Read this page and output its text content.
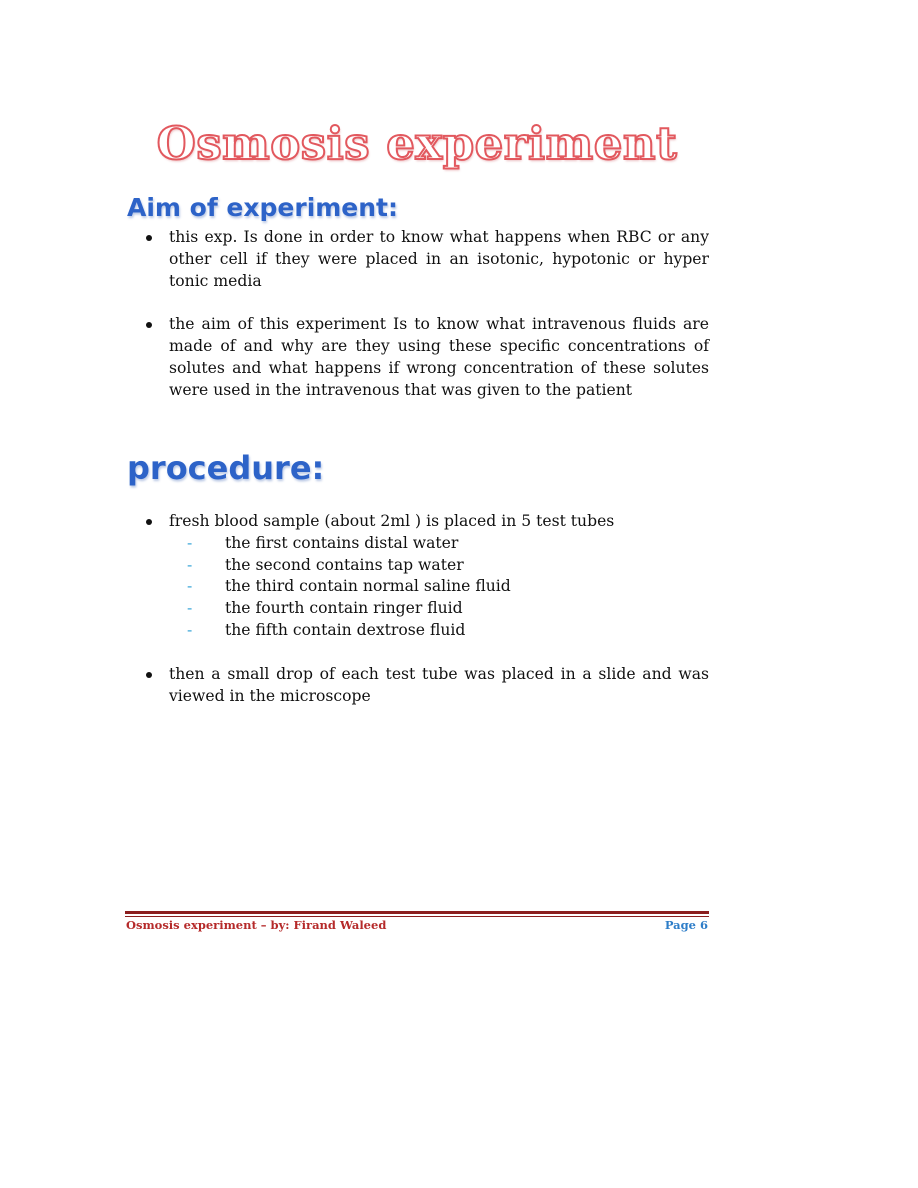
Osmosis experiment
Aim of experiment:
this exp. Is done in order to know what happens when RBC or any other cell if they were placed in an isotonic, hypotonic or hyper tonic media
the aim of this experiment Is to know what intravenous fluids are made of and why are they using these specific concentrations of solutes and what happens if wrong concentration of these solutes were used in the intravenous that was given to the patient
procedure:
fresh blood sample (about 2ml ) is placed in 5 test tubes
- the first contains distal water
- the second contains tap water
- the third contain normal saline fluid
- the fourth contain ringer fluid
- the fifth contain dextrose fluid
then a small drop of each test tube was placed in a slide and was viewed in the microscope
Osmosis experiment – by: Firand Waleed	Page 6
